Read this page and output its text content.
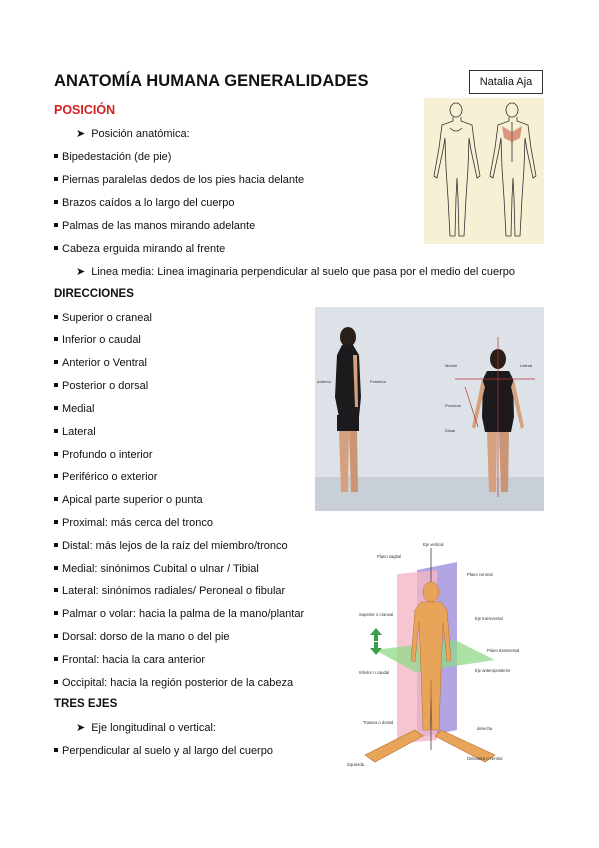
ANATOMÍA HUMANA GENERALIDADES	Natalia Aja
POSICIÓN
➤ Posición anatómica:
Bipedestación (de pie)
Piernas paralelas dedos de los pies hacia delante
Brazos caídos a lo largo del cuerpo
Palmas de las manos mirando adelante
Cabeza erguida mirando al frente
➤ Linea media: Linea imaginaria perpendicular al suelo que pasa por el medio del cuerpo
DIRECCIONES
Superior o craneal
Inferior o caudal
Anterior o Ventral
Posterior o dorsal
Medial
Lateral
Profundo o interior
Periférico o exterior
Apical parte superior o punta
Proximal: más cerca del tronco
Distal: más lejos de la raíz del miembro/tronco
Medial: sinónimos Cubital o ulnar / Tibial
Lateral: sinónimos radiales/ Peroneal o fibular
Palmar o volar: hacia la palma de la mano/plantar
Dorsal: dorso de la mano o del pie
Frontal: hacia la cara anterior
Occipital: hacia la región posterior de la cabeza
Anterior	Posterior
Medial	Lateral
Proximal
Distal
Eje vertical
Plano sagital
Plano coronal
Superior o craneal
Eje transversal
Plano transversal
Inferior o caudal	Eje anteroposterior
Trasera o dorsal
derecha
Delantera o ventral
izquierda
TRES EJES
➤ Eje longitudinal o vertical:
Perpendicular al suelo y al largo del cuerpo
